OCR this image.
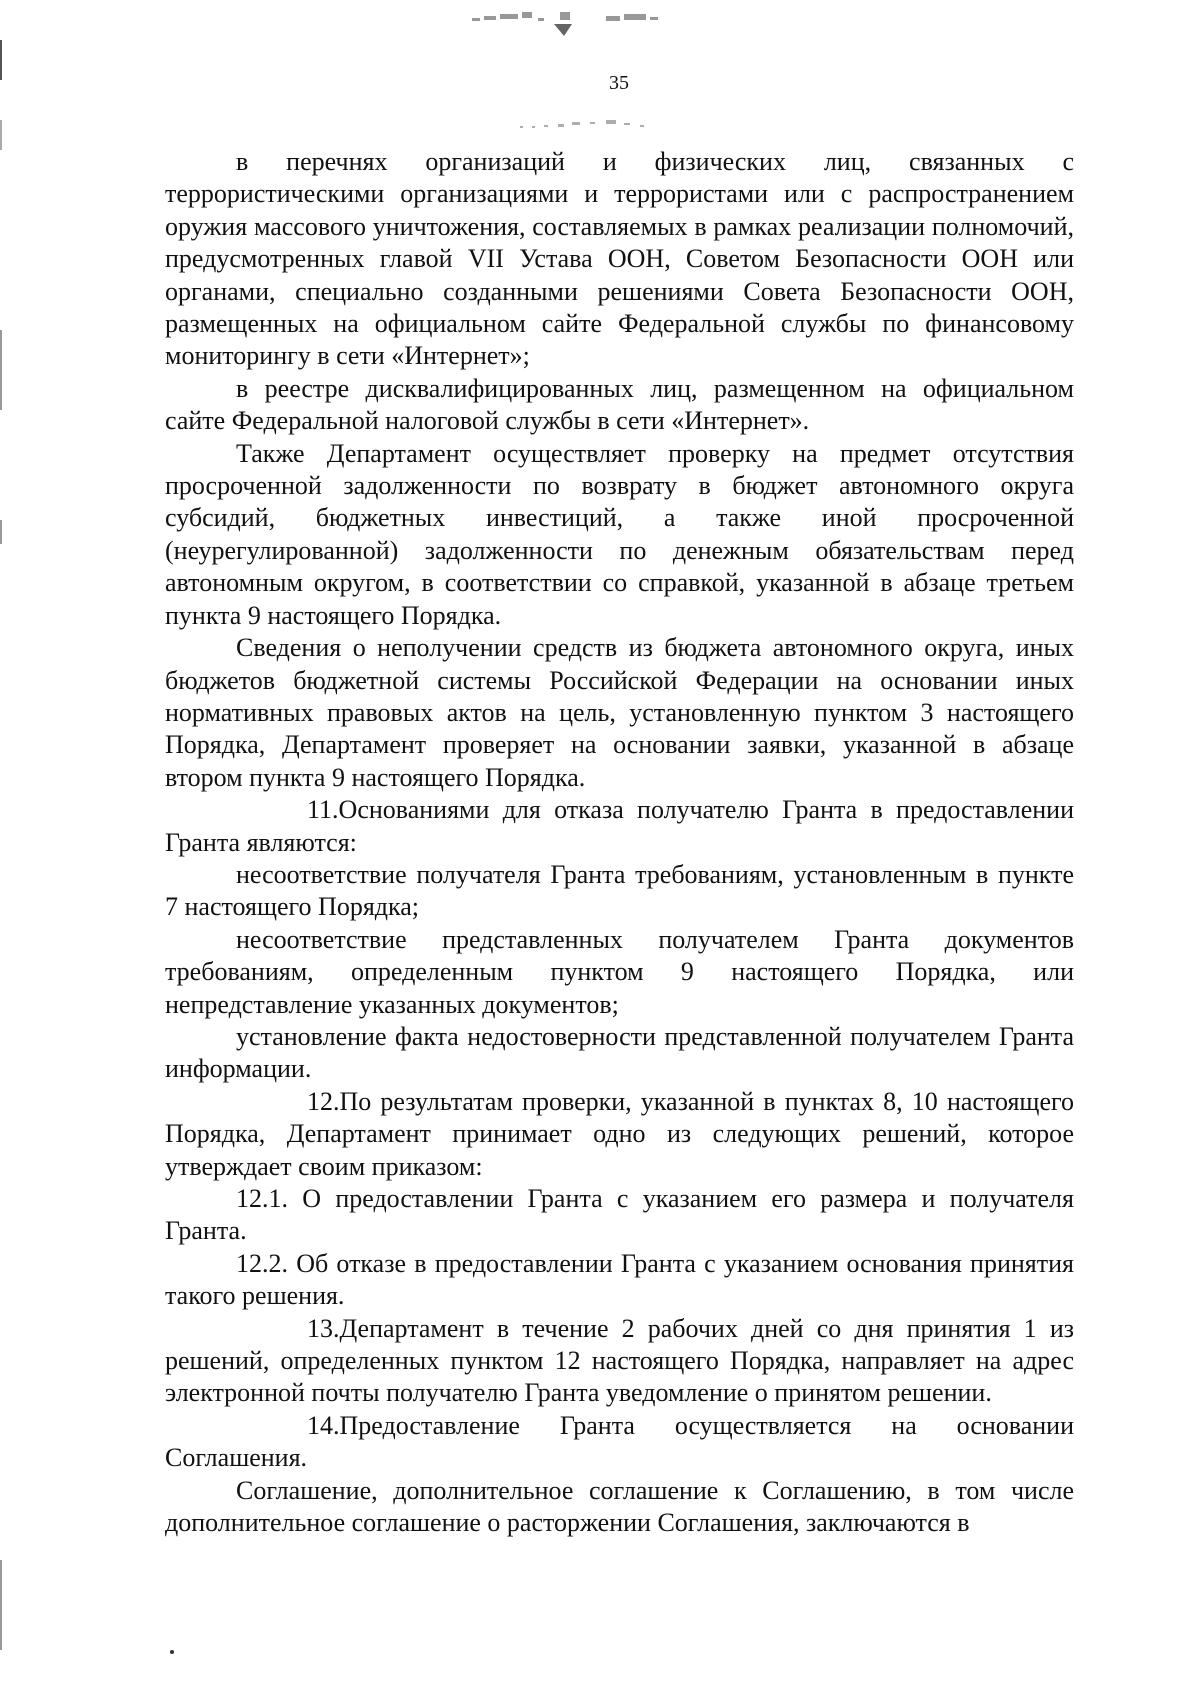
35

в перечнях организаций и физических лиц, связанных с террористическими организациями и террористами или с распространением оружия массового уничтожения, составляемых в рамках реализации полномочий, предусмотренных главой VII Устава ООН, Советом Безопасности ООН или органами, специально созданными решениями Совета Безопасности ООН, размещенных на официальном сайте Федеральной службы по финансовому мониторингу в сети «Интернет»;

в реестре дисквалифицированных лиц, размещенном на официальном сайте Федеральной налоговой службы в сети «Интернет».

Также Департамент осуществляет проверку на предмет отсутствия просроченной задолженности по возврату в бюджет автономного округа субсидий, бюджетных инвестиций, а также иной просроченной (неурегулированной) задолженности по денежным обязательствам перед автономным округом, в соответствии со справкой, указанной в абзаце третьем пункта 9 настоящего Порядка.

Сведения о неполучении средств из бюджета автономного округа, иных бюджетов бюджетной системы Российской Федерации на основании иных нормативных правовых актов на цель, установленную пунктом 3 настоящего Порядка, Департамент проверяет на основании заявки, указанной в абзаце втором пункта 9 настоящего Порядка.

11.Основаниями для отказа получателю Гранта в предоставлении Гранта являются:

несоответствие получателя Гранта требованиям, установленным в пункте 7 настоящего Порядка;

несоответствие представленных получателем Гранта документов требованиям, определенным пунктом 9 настоящего Порядка, или непредставление указанных документов;

установление факта недостоверности представленной получателем Гранта информации.

12.По результатам проверки, указанной в пунктах 8, 10 настоящего Порядка, Департамент принимает одно из следующих решений, которое утверждает своим приказом:

12.1. О предоставлении Гранта с указанием его размера и получателя Гранта.

12.2. Об отказе в предоставлении Гранта с указанием основания принятия такого решения.

13.Департамент в течение 2 рабочих дней со дня принятия 1 из решений, определенных пунктом 12 настоящего Порядка, направляет на адрес электронной почты получателю Гранта уведомление о принятом решении.

14.Предоставление Гранта осуществляется на основании Соглашения.

Соглашение, дополнительное соглашение к Соглашению, в том числе дополнительное соглашение о расторжении Соглашения, заключаются в
